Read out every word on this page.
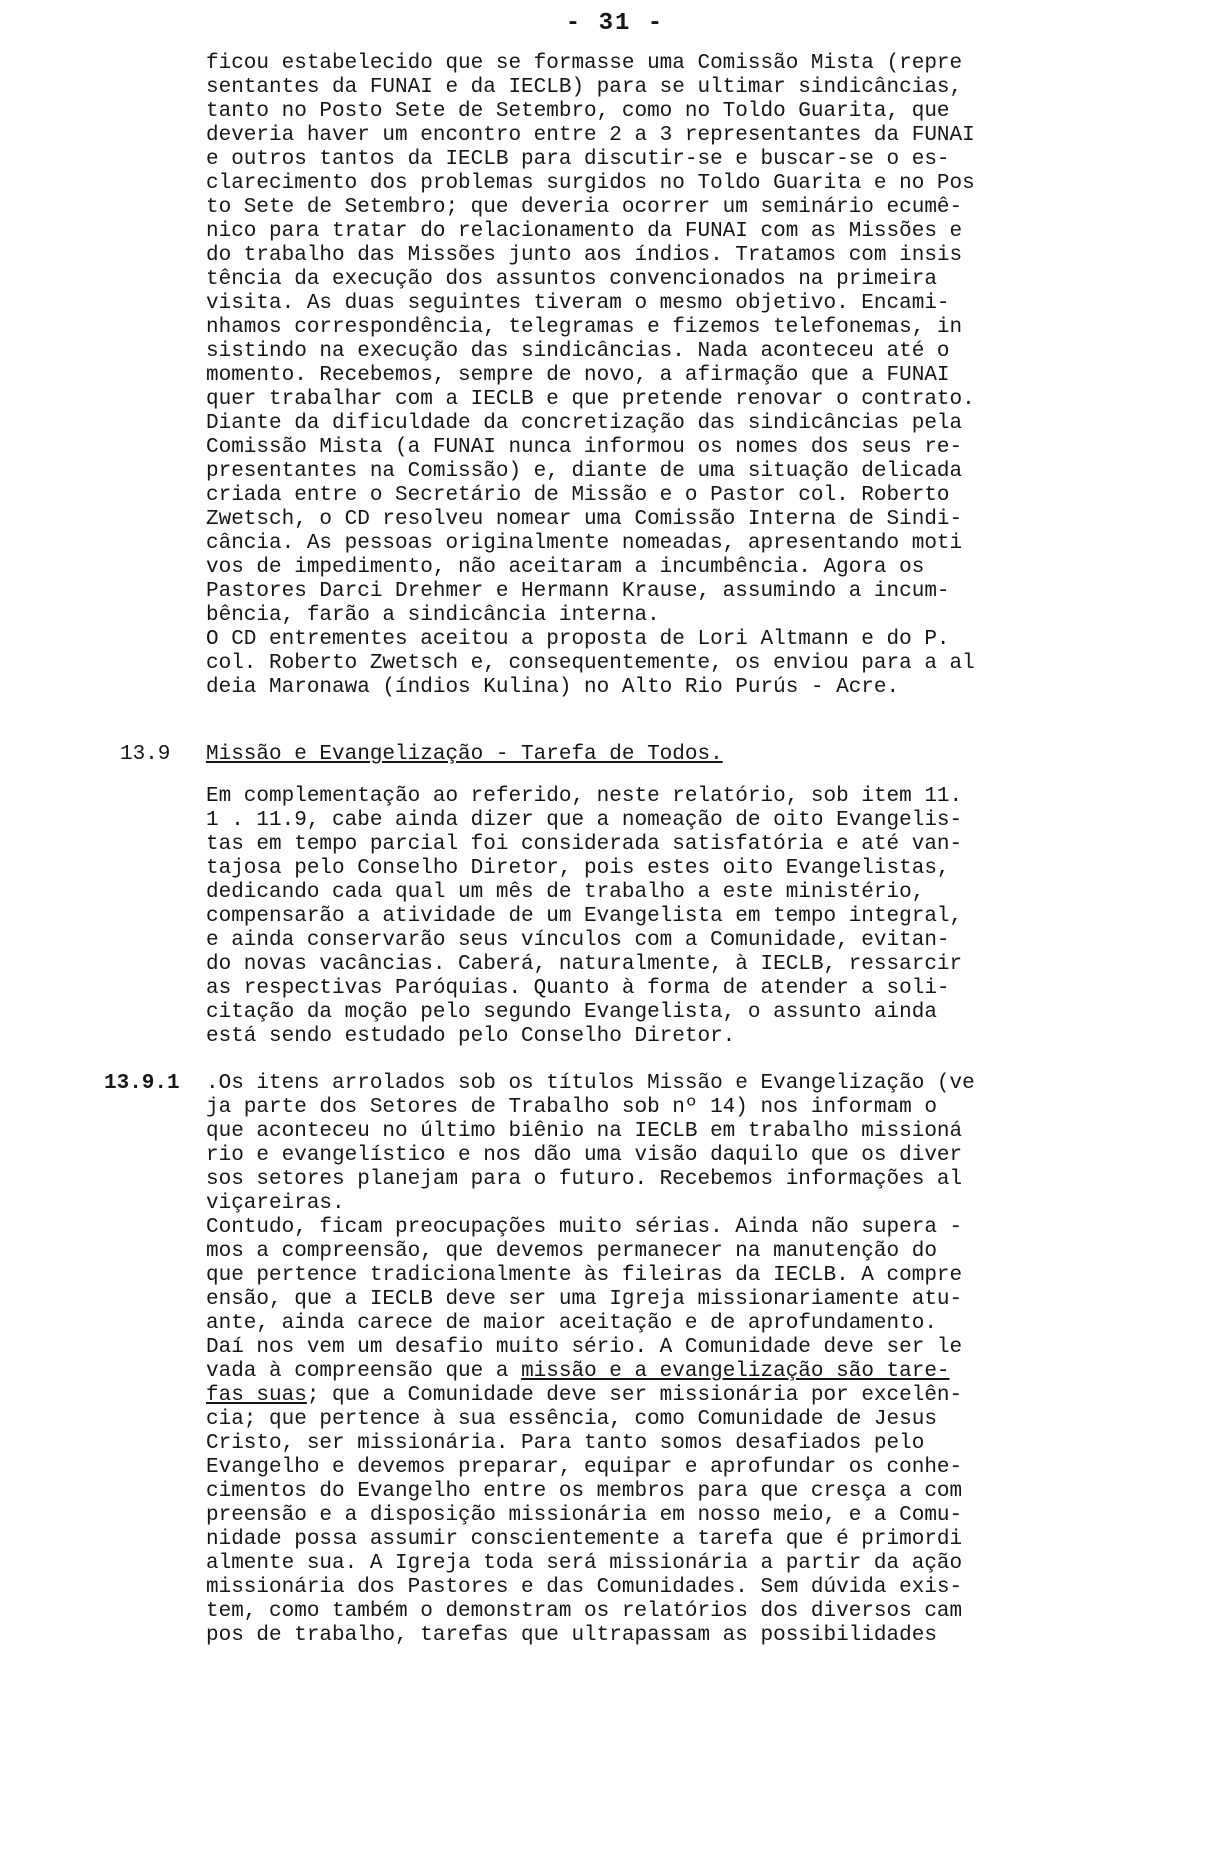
- 31 -
ficou estabelecido que se formasse uma Comissão Mista (repre
sentantes da FUNAI e da IECLB) para se ultimar sindicâncias,
tanto no Posto Sete de Setembro, como no Toldo Guarita, que
deveria haver um encontro entre 2 a 3 representantes da FUNAI
e outros tantos da IECLB para discutir-se e buscar-se o es-
clarecimento dos problemas surgidos no Toldo Guarita e no Pos
to Sete de Setembro; que deveria ocorrer um seminário ecumê-
nico para tratar do relacionamento da FUNAI com as Missões e
do trabalho das Missões junto aos índios. Tratamos com insis
tência da execução dos assuntos convencionados na primeira
visita. As duas seguintes tiveram o mesmo objetivo. Encami-
nhamos correspondência, telegramas e fizemos telefonemas, in
sistindo na execução das sindicâncias. Nada aconteceu até o
momento. Recebemos, sempre de novo, a afirmação que a FUNAI
quer trabalhar com a IECLB e que pretende renovar o contrato.
Diante da dificuldade da concretização das sindicâncias pela
Comissão Mista (a FUNAI nunca informou os nomes dos seus re-
presentantes na Comissão) e, diante de uma situação delicada
criada entre o Secretário de Missão e o Pastor col. Roberto
Zwetsch, o CD resolveu nomear uma Comissão Interna de Sindi-
cância. As pessoas originalmente nomeadas, apresentando moti
vos de impedimento, não aceitaram a incumbência. Agora os
Pastores Darci Drehmer e Hermann Krause, assumindo a incum-
bência, farão a sindicância interna.
O CD entrementes aceitou a proposta de Lori Altmann e do P.
col. Roberto Zwetsch e, consequentemente, os enviou para a al
deia Maronawa (índios Kulina) no Alto Rio Purús - Acre.
13.9 Missão e Evangelização - Tarefa de Todos.
Em complementação ao referido, neste relatório, sob item 11.
1 . 11.9, cabe ainda dizer que a nomeação de oito Evangelis-
tas em tempo parcial foi considerada satisfatória e até van-
tajosa pelo Conselho Diretor, pois estes oito Evangelistas,
dedicando cada qual um mês de trabalho a este ministério,
compensarão a atividade de um Evangelista em tempo integral,
e ainda conservarão seus vínculos com a Comunidade, evitan-
do novas vacâncias. Caberá, naturalmente, à IECLB, ressarcir
as respectivas Paróquias. Quanto à forma de atender a soli-
citação da moção pelo segundo Evangelista, o assunto ainda
está sendo estudado pelo Conselho Diretor.
13.9.1 .Os itens arrolados sob os títulos Missão e Evangelização (ve
ja parte dos Setores de Trabalho sob nº 14) nos informam o
que aconteceu no último biênio na IECLB em trabalho missioná
rio e evangelístico e nos dão uma visão daquilo que os diver
sos setores planejam para o futuro. Recebemos informações al
viçareiras.
Contudo, ficam preocupações muito sérias. Ainda não supera -
mos a compreensão, que devemos permanecer na manutenção do
que pertence tradicionalmente às fileiras da IECLB. A compre
ensão, que a IECLB deve ser uma Igreja missionariamente atu-
ante, ainda carece de maior aceitação e de aprofundamento.
Daí nos vem um desafio muito sério. A Comunidade deve ser le
vada à compreensão que a missão e a evangelização são tare-
fas suas; que a Comunidade deve ser missionária por excelên-
cia; que pertence à sua essência, como Comunidade de Jesus
Cristo, ser missionária. Para tanto somos desafiados pelo
Evangelho e devemos preparar, equipar e aprofundar os conhe-
cimentos do Evangelho entre os membros para que cresça a com
preensão e a disposição missionária em nosso meio, e a Comu-
nidade possa assumir conscientemente a tarefa que é primordi
almente sua. A Igreja toda será missionária a partir da ação
missionária dos Pastores e das Comunidades. Sem dúvida exis-
tem, como também o demonstram os relatórios dos diversos cam
pos de trabalho, tarefas que ultrapassam as possibilidades
